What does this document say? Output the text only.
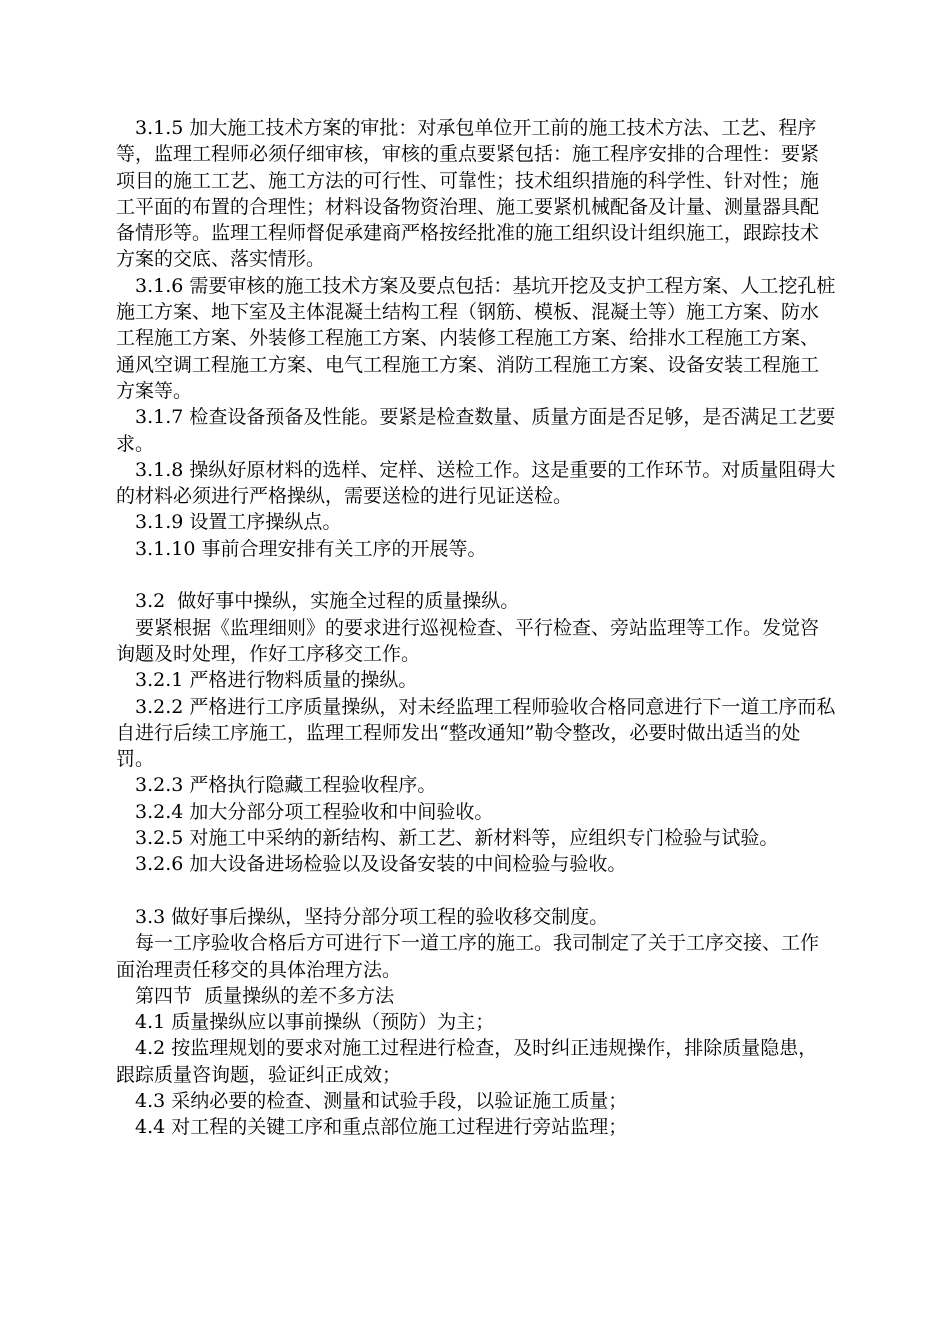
3.1.5 加大施工技术方案的审批：对承包单位开工前的施工技术方法、工艺、程序等，监理工程师必须仔细审核，审核的重点要紧包括：施工程序安排的合理性：要紧项目的施工工艺、施工方法的可行性、可靠性；技术组织措施的科学性、针对性；施工平面的布置的合理性；材料设备物资治理、施工要紧机械配备及计量、测量器具配备情形等。监理工程师督促承建商严格按经批准的施工组织设计组织施工，跟踪技术方案的交底、落实情形。

3.1.6 需要审核的施工技术方案及要点包括：基坑开挖及支护工程方案、人工挖孔桩施工方案、地下室及主体混凝土结构工程（钢筋、模板、混凝土等）施工方案、防水工程施工方案、外装修工程施工方案、内装修工程施工方案、给排水工程施工方案、通风空调工程施工方案、电气工程施工方案、消防工程施工方案、设备安装工程施工方案等。

3.1.7 检查设备预备及性能。要紧是检查数量、质量方面是否足够，是否满足工艺要求。

3.1.8 操纵好原材料的选样、定样、送检工作。这是重要的工作环节。对质量阻碍大的材料必须进行严格操纵，需要送检的进行见证送检。

3.1.9 设置工序操纵点。

3.1.10 事前合理安排有关工序的开展等。

3.2  做好事中操纵，实施全过程的质量操纵。

要紧根据《监理细则》的要求进行巡视检查、平行检查、旁站监理等工作。发觉咨询题及时处理，作好工序移交工作。

3.2.1 严格进行物料质量的操纵。

3.2.2 严格进行工序质量操纵，对未经监理工程师验收合格同意进行下一道工序而私自进行后续工序施工，监理工程师发出“整改通知”勒令整改，必要时做出适当的处罚。

3.2.3 严格执行隐藏工程验收程序。

3.2.4 加大分部分项工程验收和中间验收。

3.2.5 对施工中采纳的新结构、新工艺、新材料等，应组织专门检验与试验。

3.2.6 加大设备进场检验以及设备安装的中间检验与验收。

3.3 做好事后操纵，坚持分部分项工程的验收移交制度。

每一工序验收合格后方可进行下一道工序的施工。我司制定了关于工序交接、工作面治理责任移交的具体治理方法。

第四节  质量操纵的差不多方法

4.1 质量操纵应以事前操纵（预防）为主；

4.2 按监理规划的要求对施工过程进行检查，及时纠正违规操作，排除质量隐患，跟踪质量咨询题，验证纠正成效；

4.3 采纳必要的检查、测量和试验手段，以验证施工质量；

4.4 对工程的关键工序和重点部位施工过程进行旁站监理；
